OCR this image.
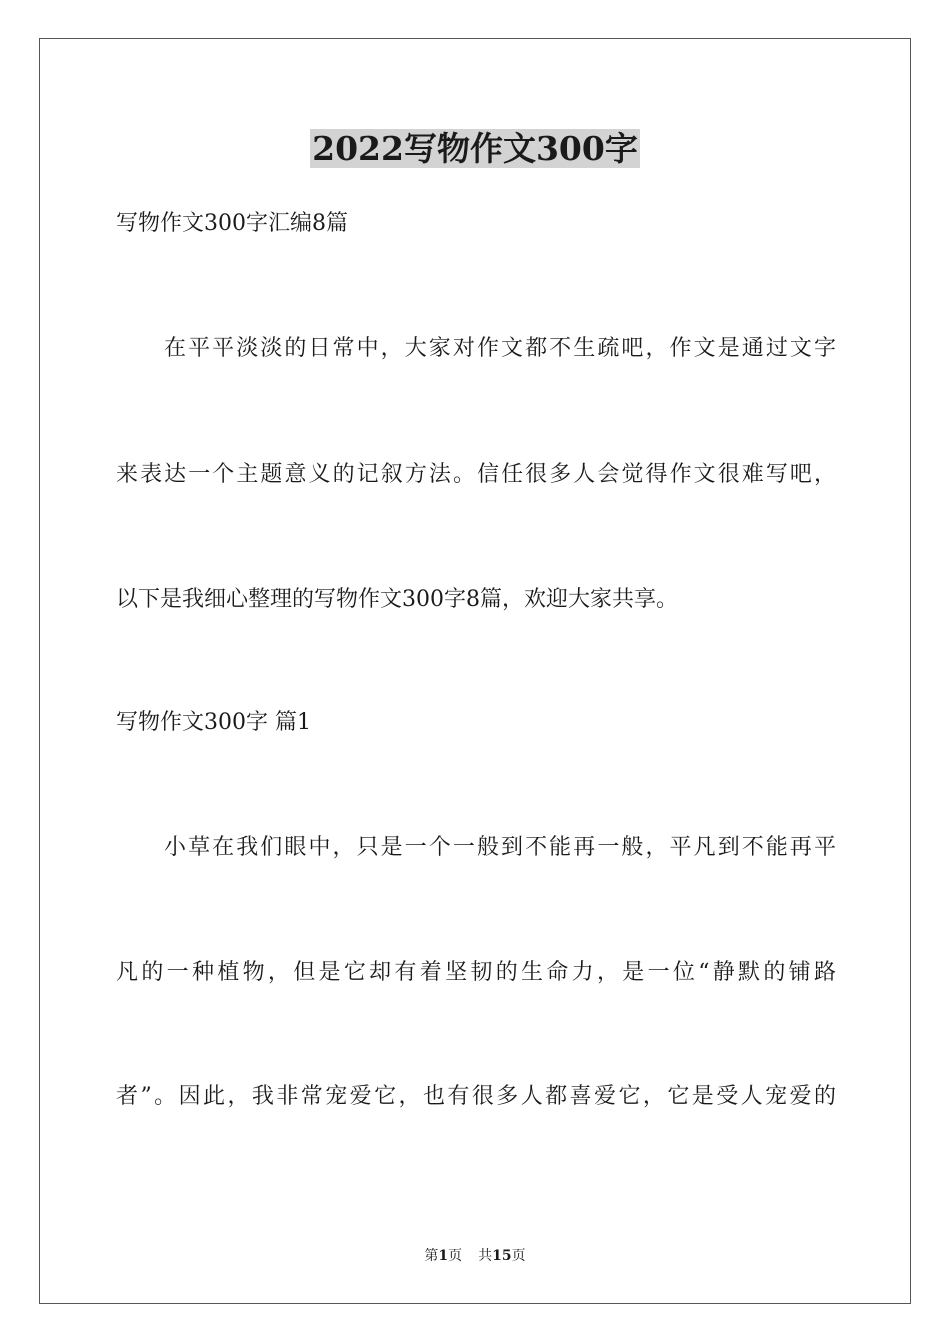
2022写物作文300字

写物作文300字汇编8篇

在平平淡淡的日常中，大家对作文都不生疏吧，作文是通过文字

来表达一个主题意义的记叙方法。信任很多人会觉得作文很难写吧，

以下是我细心整理的写物作文300字8篇，欢迎大家共享。

写物作文300字 篇1

小草在我们眼中，只是一个一般到不能再一般，平凡到不能再平

凡的一种植物，但是它却有着坚韧的生命力，是一位“静默的铺路

者”。因此，我非常宠爱它，也有很多人都喜爱它，它是受人宠爱的

第1页 共15页
